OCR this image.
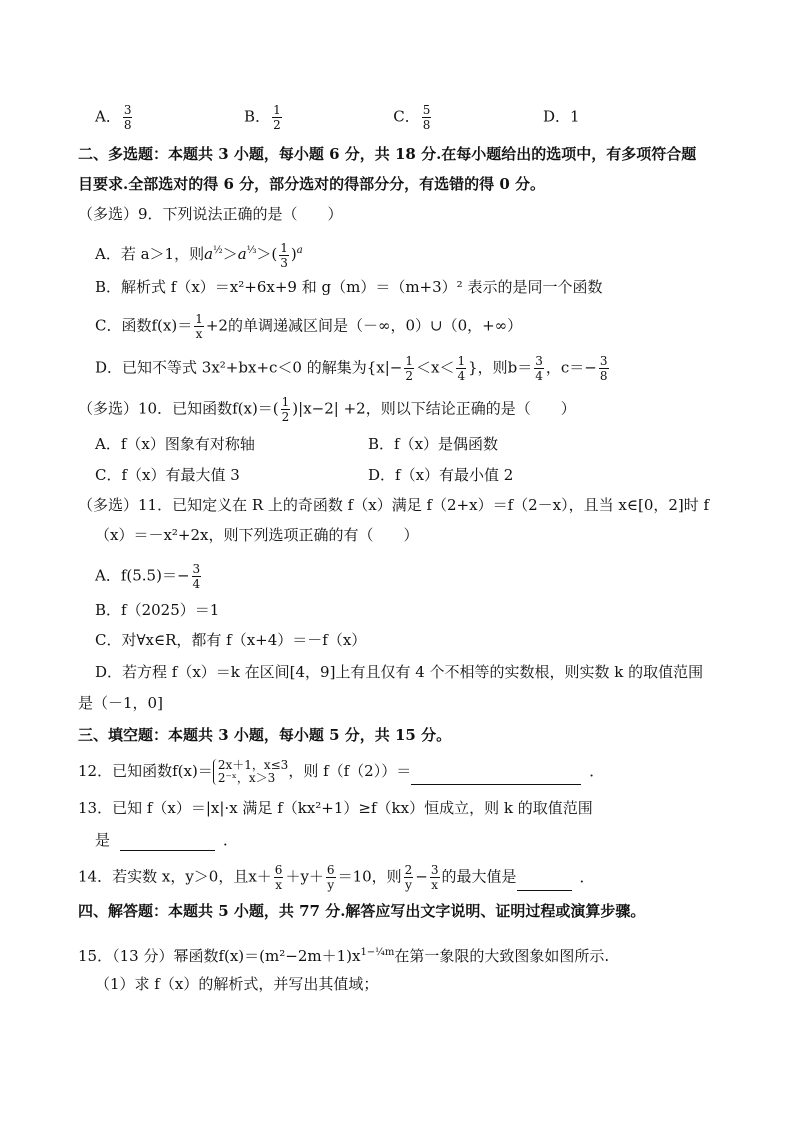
A． $\frac{3}{8}$	B． $\frac{1}{2}$	C． $\frac{5}{8}$	D．1
二、多选题：本题共 3 小题，每小题 6 分，共 18 分.在每小题给出的选项中，有多项符合题
目要求.全部选对的得 6 分，部分选对的得部分分，有选错的得 0 分。
（多选）9．下列说法正确的是（　　）
A．若 a＞1，则$a^{\frac{1}{2}}>a^{\frac{1}{3}}>( \frac{1}{3} )^a$
B．解析式 f（x）＝x²+6x+9 和 g（m）＝（m+3）² 表示的是同一个函数
C．函数$f(x)= \frac{1}{x} +2$的单调递减区间是（－∞，0）∪（0，+∞）
D．已知不等式 3x²+bx+c＜0 的解集为{$x|- \frac{1}{2} <x< \frac{1}{4}$ }，则$b= \frac{3}{4}$ ，$c=- \frac{3}{8}$
（多选）10．已知函数$f(x)=( \frac{1}{2} )|x-2| +2$，则以下结论正确的是（　　）
A．f（x）图象有对称轴	B．f（x）是偶函数
C．f（x）有最大值 3	D．f（x）有最小值 2
（多选）11．已知定义在 R 上的奇函数 f（x）满足 f（2+x）＝f（2－x），且当 x∈[0，2]时 f
（x）＝－x²+2x，则下列选项正确的有（　　）
A．$f(5.5)=- \frac{3}{4}$
B．f（2025）＝1
C．对∀x∈R，都有 f（x+4）＝－f（x）
D．若方程 f（x）＝k 在区间[4，9]上有且仅有 4 个不相等的实数根，则实数 k 的取值范围
是（－1，0]
三、填空题：本题共 3 小题，每小题 5 分，共 15 分。
12．已知函数f(x)＝ 2x＋1，x≤3
2⁻ˣ，x＞3 ，则 f（f（2））＝	．
13．已知 f（x）＝|x|·x 满足 f（kx²+1）≥f（kx）恒成立，则 k 的取值范围
是	．
14．若实数 x，y＞0，且$x+ \frac{6}{x} +y+ \frac{6}{y} =10$，则 $\frac{2}{y} - \frac{3}{x}$ 的最大值是	．
四、解答题：本题共 5 小题，共 77 分.解答应写出文字说明、证明过程或演算步骤。
15．（13 分）幂函数$f(x)=(m^2-2m+1)x^{1-\frac{1}{4}m}$在第一象限的大致图象如图所示.
（1）求 f（x）的解析式，并写出其值域；
